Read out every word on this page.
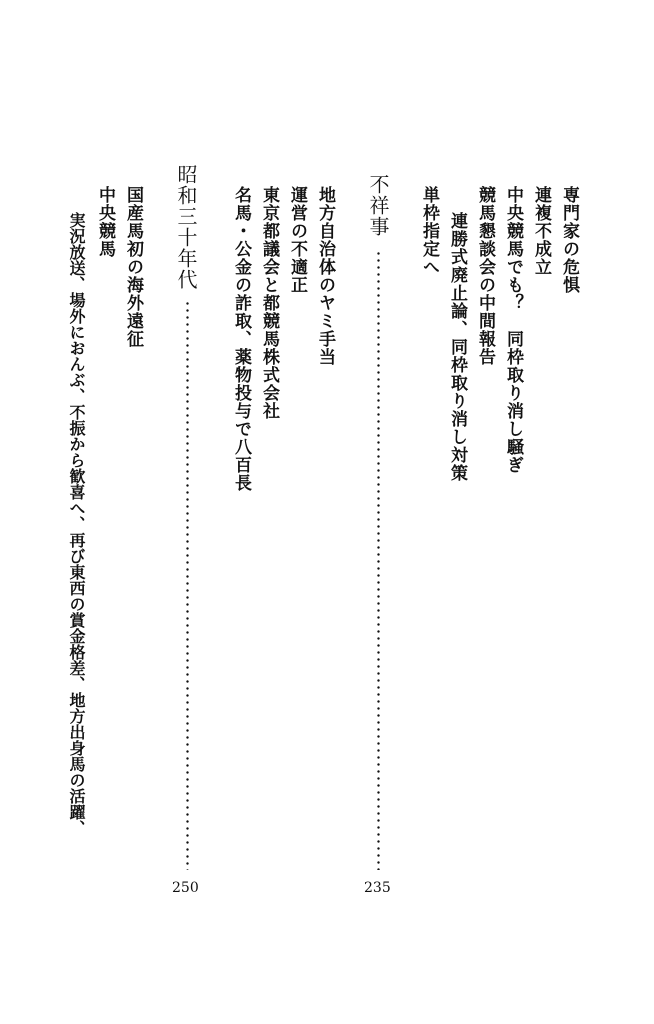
専門家の危惧
連複不成立
中央競馬でも？　同枠取り消し騒ぎ
競馬懇談会の中間報告
連勝式廃止論、同枠取り消し対策
単枠指定へ
不祥事
235
地方自治体のヤミ手当
運営の不適正
東京都議会と都競馬株式会社
名馬・公金の詐取、薬物投与で八百長
昭和三十年代
250
国産馬初の海外遠征
中央競馬
実況放送、場外におんぶ、不振から歓喜へ、再び東西の賞金格差、地方出身馬の活躍、
